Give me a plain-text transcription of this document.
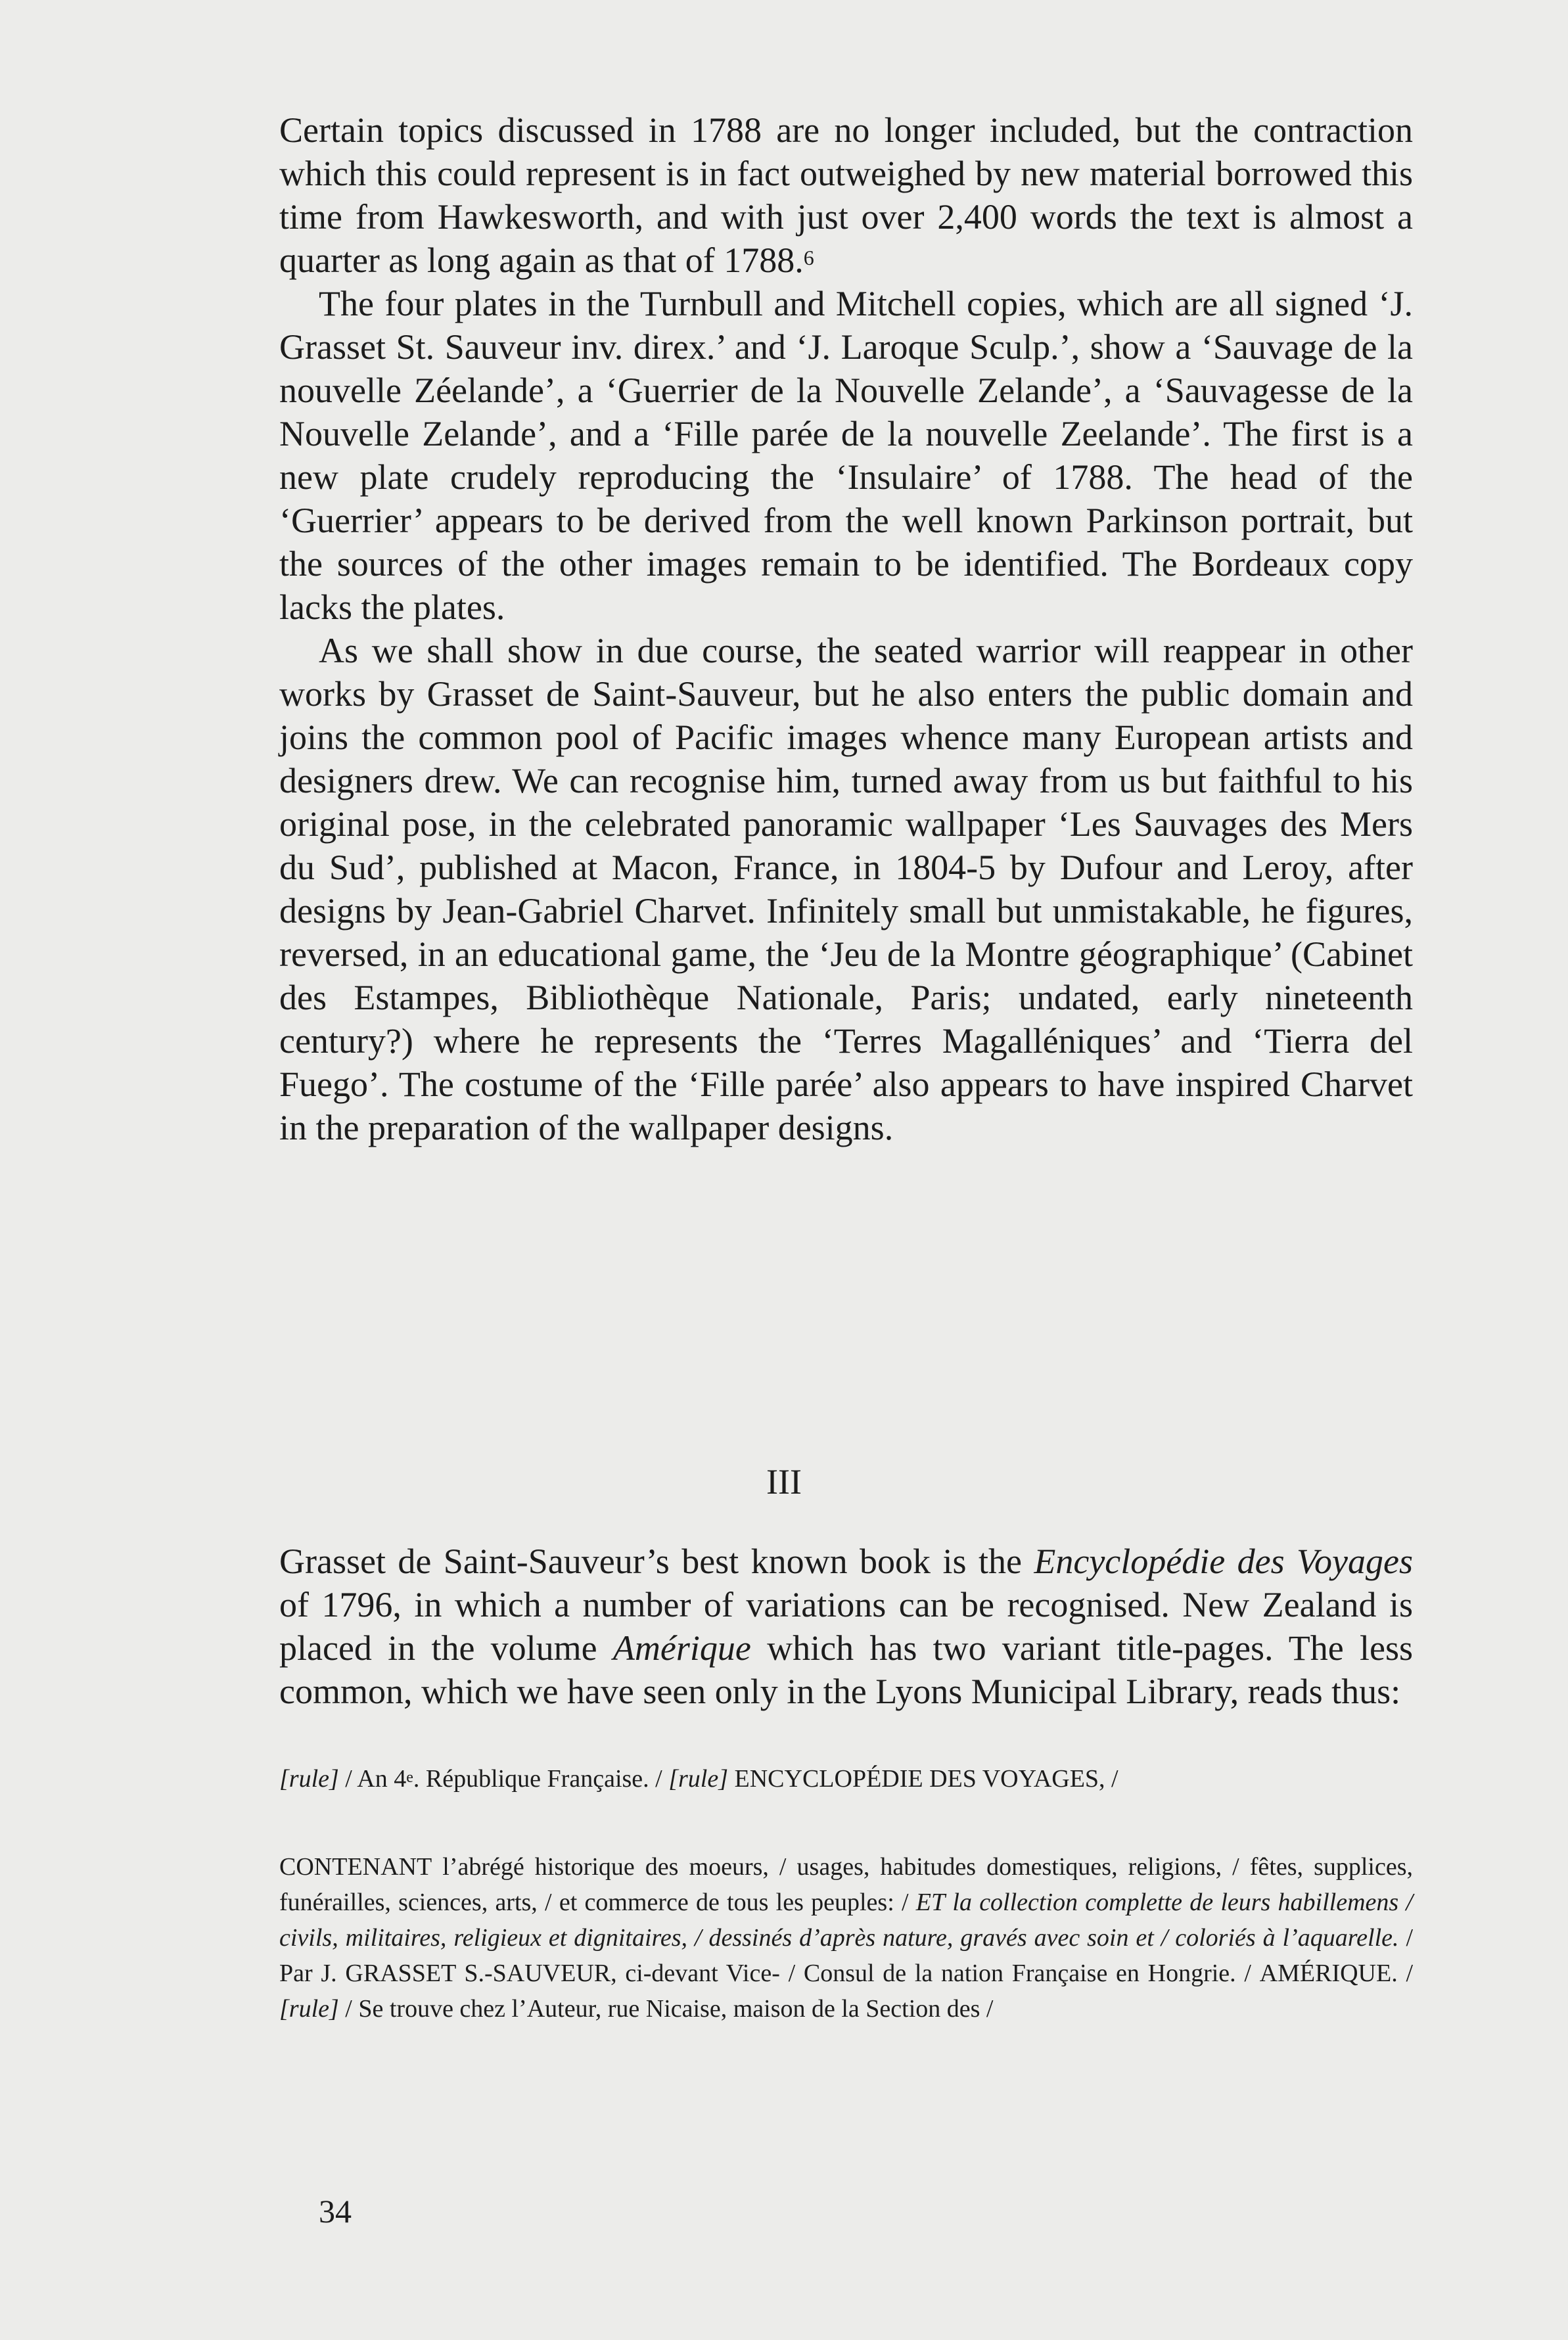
Certain topics discussed in 1788 are no longer included, but the contraction which this could represent is in fact outweighed by new material borrowed this time from Hawkesworth, and with just over 2,400 words the text is almost a quarter as long again as that of 1788.$^6$

The four plates in the Turnbull and Mitchell copies, which are all signed ‘J. Grasset St. Sauveur inv. direx.’ and ‘J. Laroque Sculp.’, show a ‘Sauvage de la nouvelle Zéelande’, a ‘Guerrier de la Nouvelle Zelande’, a ‘Sauvagesse de la Nouvelle Zelande’, and a ‘Fille parée de la nouvelle Zeelande’. The first is a new plate crudely reproducing the ‘Insulaire’ of 1788. The head of the ‘Guerrier’ appears to be derived from the well known Parkinson portrait, but the sources of the other images remain to be identified. The Bordeaux copy lacks the plates.

As we shall show in due course, the seated warrior will reappear in other works by Grasset de Saint-Sauveur, but he also enters the public domain and joins the common pool of Pacific images whence many European artists and designers drew. We can recognise him, turned away from us but faithful to his original pose, in the celebrated panoramic wallpaper ‘Les Sauvages des Mers du Sud’, published at Macon, France, in 1804-5 by Dufour and Leroy, after designs by Jean-Gabriel Charvet. Infinitely small but unmistakable, he figures, reversed, in an educational game, the ‘Jeu de la Montre géographique’ (Cabinet des Estampes, Bibliothèque Nationale, Paris; undated, early nineteenth century?) where he represents the ‘Terres Magalléniques’ and ‘Tierra del Fuego’. The costume of the ‘Fille parée’ also appears to have inspired Charvet in the preparation of the wallpaper designs.

III

Grasset de Saint-Sauveur’s best known book is the Encyclopédie des Voyages of 1796, in which a number of variations can be recognised. New Zealand is placed in the volume Amérique which has two variant title-pages. The less common, which we have seen only in the Lyons Municipal Library, reads thus:

[rule] / An 4e. République Française. / [rule] ENCYCLOPÉDIE DES VOYAGES, /
CONTENANT l’abrégé historique des moeurs, / usages, habitudes domestiques, religions, / fêtes, supplices, funérailles, sciences, arts, / et commerce de tous les peuples: / ET la collection complette de leurs habillemens / civils, militaires, religieux et dignitaires, / dessinés d’après nature, gravés avec soin et / coloriés à l’aquarelle. / Par J. GRASSET S.-SAUVEUR, ci-devant Vice- / Consul de la nation Française en Hongrie. / AMÉRIQUE. / [rule] / Se trouve chez l’Auteur, rue Nicaise, maison de la Section des /
34
